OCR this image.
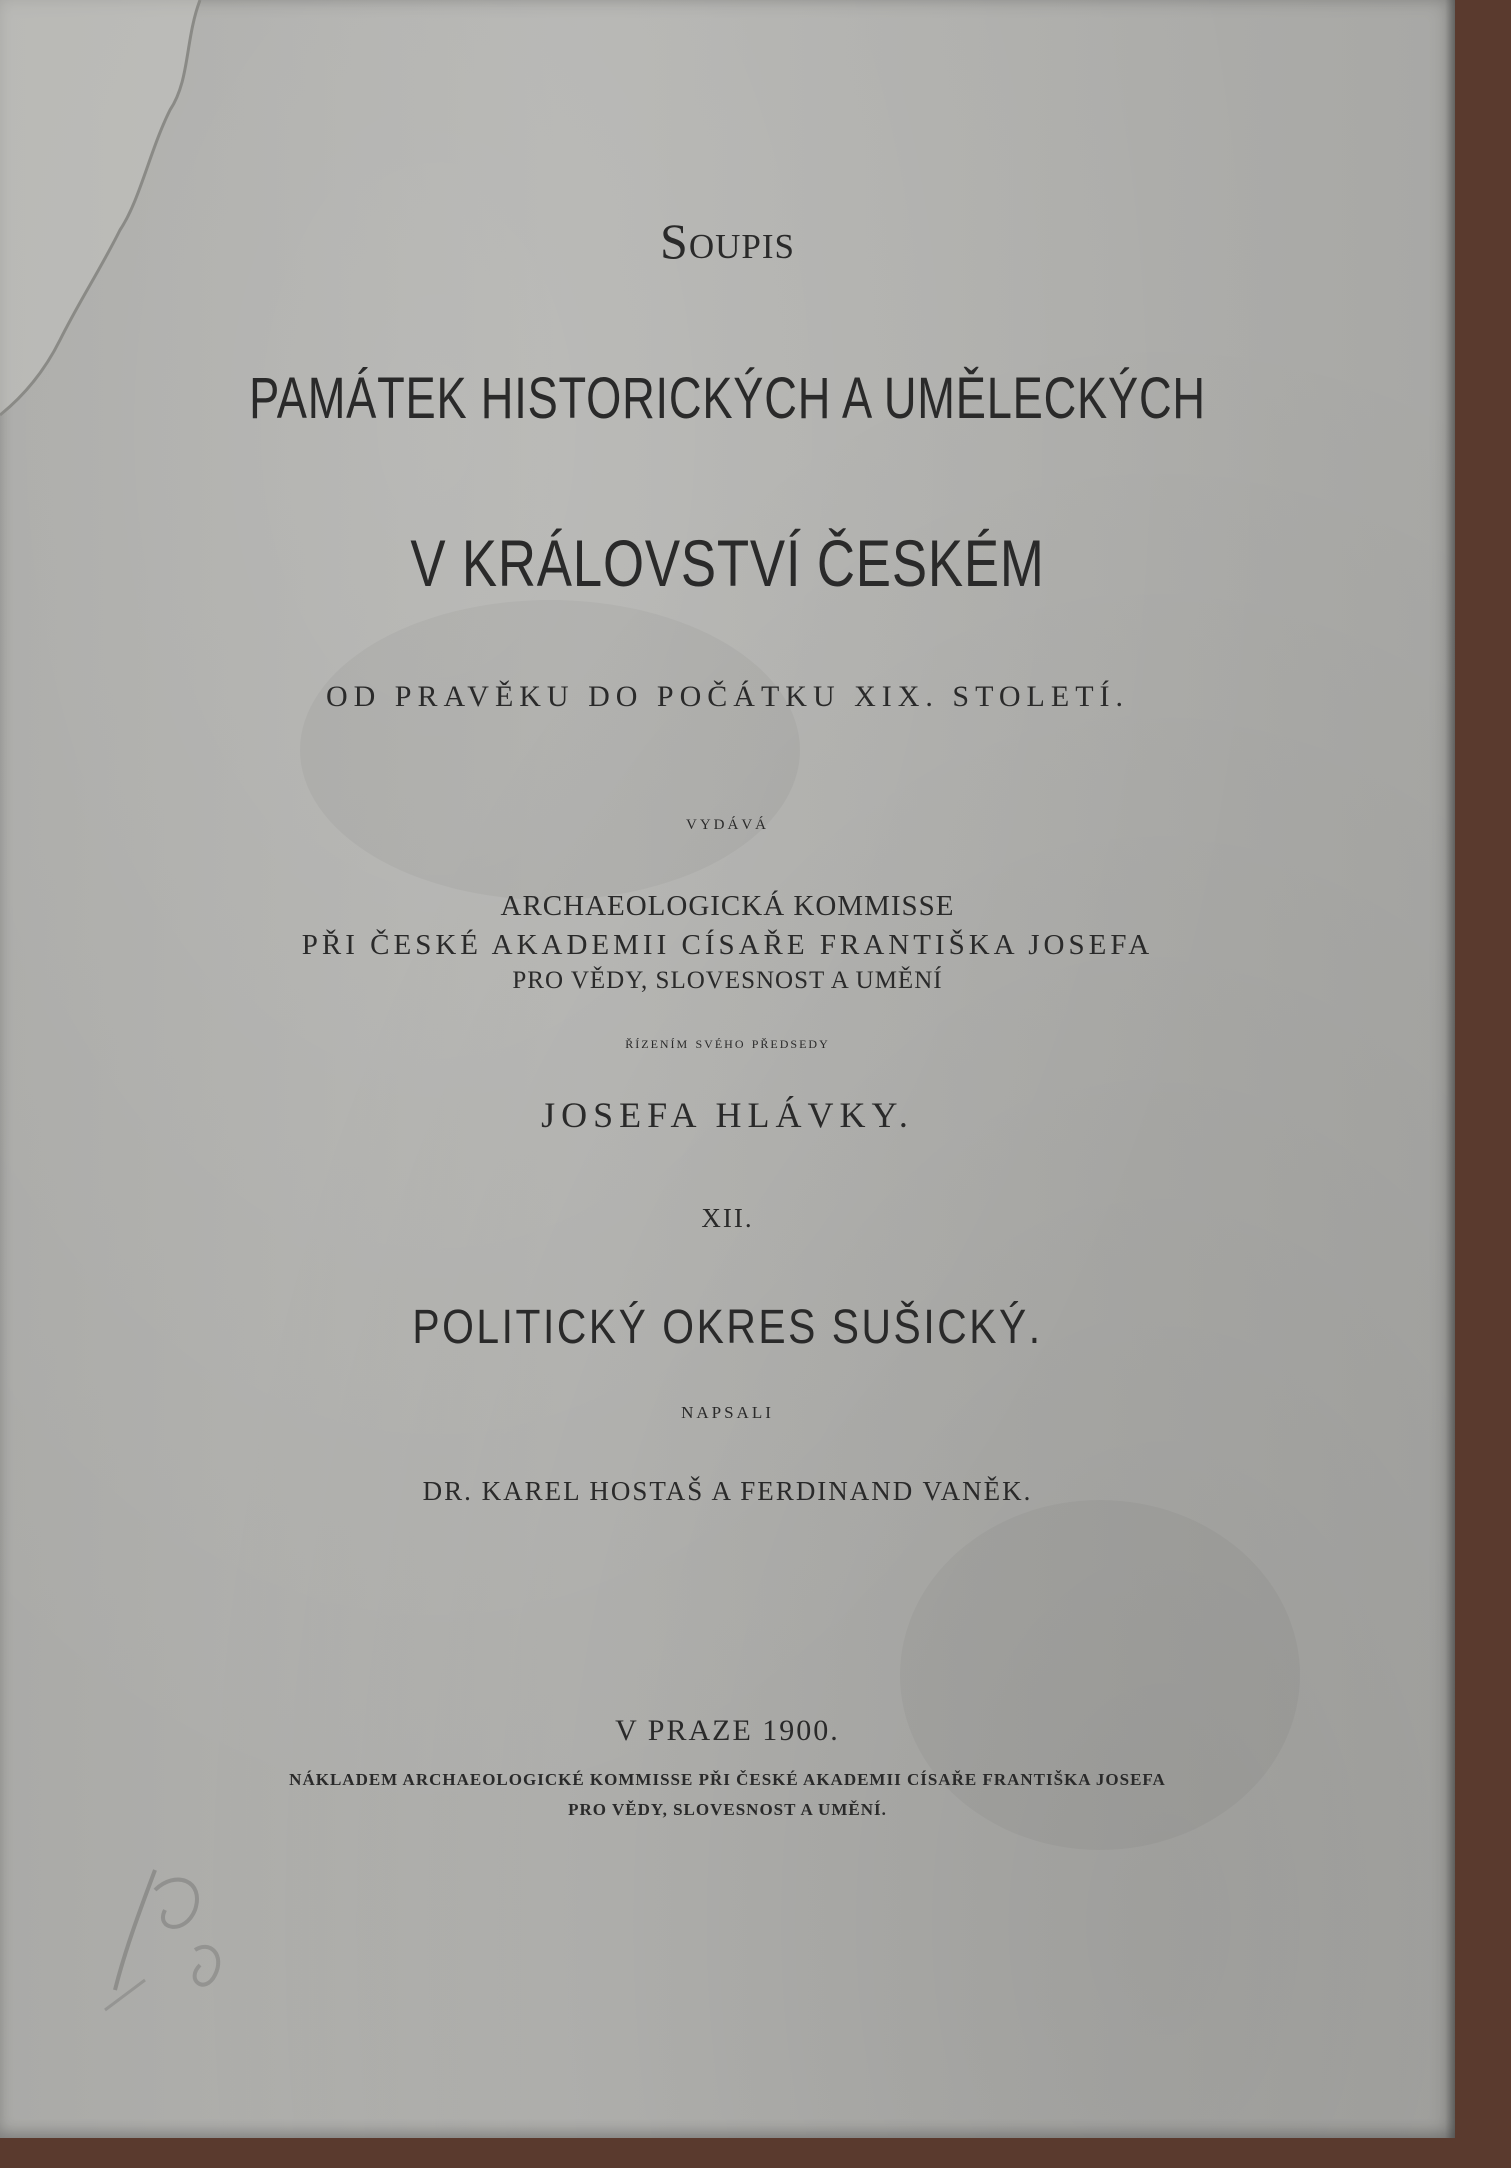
Soupis
PAMÁTEK HISTORICKÝCH A UMĚLECKÝCH
V KRÁLOVSTVÍ ČESKÉM
OD PRAVĚKU DO POČÁTKU XIX. STOLETÍ.
VYDÁVÁ
ARCHAEOLOGICKÁ KOMMISSE
PŘI ČESKÉ AKADEMII CÍSAŘE FRANTIŠKA JOSEFA
PRO VĚDY, SLOVESNOST A UMĚNÍ
řízením svého předsedy
JOSEFA HLÁVKY.
XII.
POLITICKÝ OKRES SUŠICKÝ.
NAPSALI
DR. KAREL HOSTAŠ A FERDINAND VANĚK.
V PRAZE 1900.
NÁKLADEM ARCHAEOLOGICKÉ KOMMISSE PŘI ČESKÉ AKADEMII CÍSAŘE FRANTIŠKA JOSEFA
PRO VĚDY, SLOVESNOST A UMĚNÍ.
